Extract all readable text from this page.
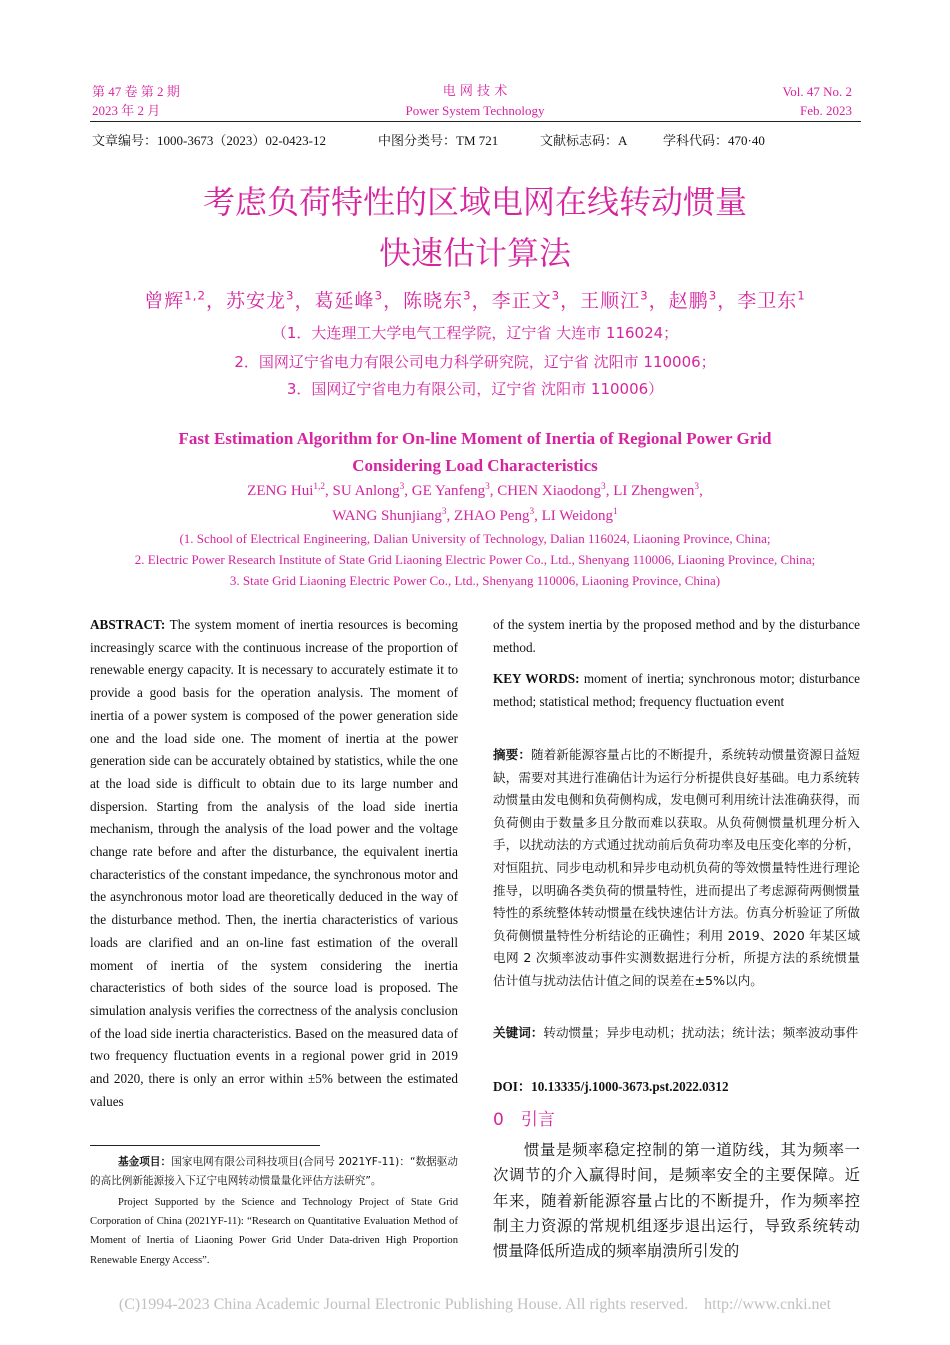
第 47 卷 第 2 期
2023 年 2 月
电 网 技 术
Power System Technology
Vol. 47 No. 2
Feb. 2023
文章编号：1000-3673（2023）02-0423-12	中图分类号：TM 721	文献标志码：A	学科代码：470·40
考虑负荷特性的区域电网在线转动惯量
快速估计算法
曾辉$^{1,2}$，苏安龙$^3$，葛延峰$^3$，陈晓东$^3$，李正文$^3$，王顺江$^3$，赵鹏$^3$，李卫东$^1$
（1．大连理工大学电气工程学院，辽宁省 大连市 116024；
2．国网辽宁省电力有限公司电力科学研究院，辽宁省 沈阳市 110006；
3．国网辽宁省电力有限公司，辽宁省 沈阳市 110006）
Fast Estimation Algorithm for On-line Moment of Inertia of Regional Power Grid
Considering Load Characteristics
ZENG Hui$^{1,2}$, SU Anlong$^3$, GE Yanfeng$^3$, CHEN Xiaodong$^3$, LI Zhengwen$^3$,
WANG Shunjiang$^3$, ZHAO Peng$^3$, LI Weidong$^1$
(1. School of Electrical Engineering, Dalian University of Technology, Dalian 116024, Liaoning Province, China;
2. Electric Power Research Institute of State Grid Liaoning Electric Power Co., Ltd., Shenyang 110006, Liaoning Province, China;
3. State Grid Liaoning Electric Power Co., Ltd., Shenyang 110006, Liaoning Province, China)
ABSTRACT: The system moment of inertia resources is becoming increasingly scarce with the continuous increase of the proportion of renewable energy capacity. It is necessary to accurately estimate it to provide a good basis for the operation analysis. The moment of inertia of a power system is composed of the power generation side one and the load side one. The moment of inertia at the power generation side can be accurately obtained by statistics, while the one at the load side is difficult to obtain due to its large number and dispersion. Starting from the analysis of the load side inertia mechanism, through the analysis of the load power and the voltage change rate before and after the disturbance, the equivalent inertia characteristics of the constant impedance, the synchronous motor and the asynchronous motor load are theoretically deduced in the way of the disturbance method. Then, the inertia characteristics of various loads are clarified and an on-line fast estimation of the overall moment of inertia of the system considering the inertia characteristics of both sides of the source load is proposed. The simulation analysis verifies the correctness of the analysis conclusion of the load side inertia characteristics. Based on the measured data of two frequency fluctuation events in a regional power grid in 2019 and 2020, there is only an error within ±5% between the estimated values
基金项目：国家电网有限公司科技项目(合同号 2021YF-11)：“数据驱动的高比例新能源接入下辽宁电网转动惯量量化评估方法研究”。
Project Supported by the Science and Technology Project of State Grid Corporation of China (2021YF-11): “Research on Quantitative Evaluation Method of Moment of Inertia of Liaoning Power Grid Under Data-driven High Proportion Renewable Energy Access”.
of the system inertia by the proposed method and by the disturbance method.
KEY WORDS: moment of inertia; synchronous motor; disturbance method; statistical method; frequency fluctuation event
摘要：随着新能源容量占比的不断提升，系统转动惯量资源日益短缺，需要对其进行准确估计为运行分析提供良好基础。电力系统转动惯量由发电侧和负荷侧构成，发电侧可利用统计法准确获得，而负荷侧由于数量多且分散而难以获取。从负荷侧惯量机理分析入手，以扰动法的方式通过扰动前后负荷功率及电压变化率的分析，对恒阻抗、同步电动机和异步电动机负荷的等效惯量特性进行理论推导，以明确各类负荷的惯量特性，进而提出了考虑源荷两侧惯量特性的系统整体转动惯量在线快速估计方法。仿真分析验证了所做负荷侧惯量特性分析结论的正确性；利用 2019、2020 年某区域电网 2 次频率波动事件实测数据进行分析，所提方法的系统惯量估计值与扰动法估计值之间的误差在±5%以内。
关键词：转动惯量；异步电动机；扰动法；统计法；频率波动事件
DOI：10.13335/j.1000-3673.pst.2022.0312
0　引言
惯量是频率稳定控制的第一道防线，其为频率一次调节的介入赢得时间，是频率安全的主要保障。近年来，随着新能源容量占比的不断提升，作为频率控制主力资源的常规机组逐步退出运行，导致系统转动惯量降低所造成的频率崩溃所引发的
(C)1994-2023 China Academic Journal Electronic Publishing House. All rights reserved.    http://www.cnki.net
